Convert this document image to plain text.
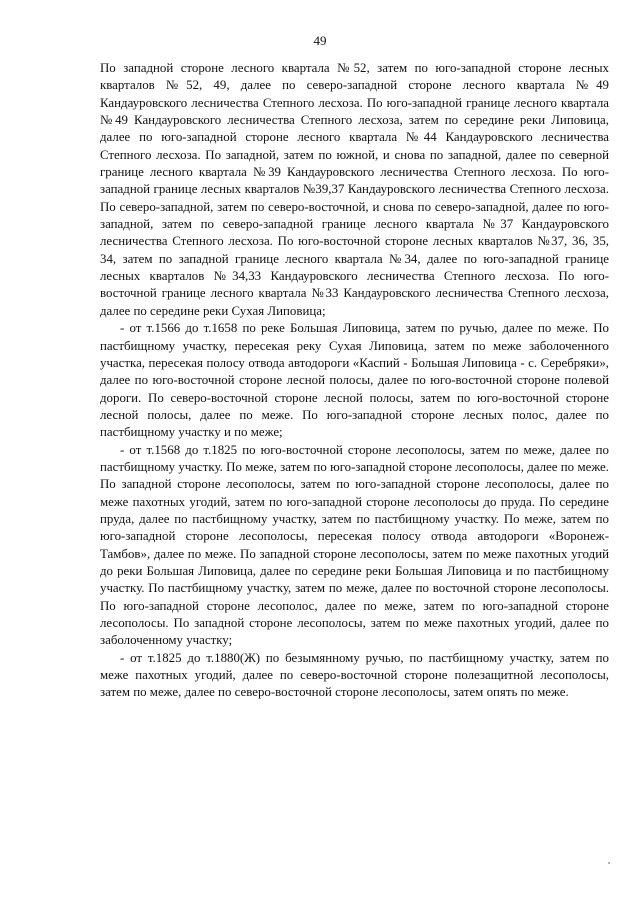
49

По западной стороне лесного квартала №52, затем по юго-западной стороне лесных кварталов №52, 49, далее по северо-западной стороне лесного квартала №49 Кандауровского лесничества Степного лесхоза. По юго-западной границе лесного квартала №49 Кандауровского лесничества Степного лесхоза, затем по середине реки Липовица, далее по юго-западной стороне лесного квартала №44 Кандауровского лесничества Степного лесхоза. По западной, затем по южной, и снова по западной, далее по северной границе лесного квартала №39 Кандауровского лесничества Степного лесхоза. По юго-западной границе лесных кварталов №39,37 Кандауровского лесничества Степного лесхоза. По северо-западной, затем по северо-восточной, и снова по северо-западной, далее по юго-западной, затем по северо-западной границе лесного квартала №37 Кандауровского лесничества Степного лесхоза. По юго-восточной стороне лесных кварталов №37, 36, 35, 34, затем по западной границе лесного квартала №34, далее по юго-западной границе лесных кварталов №34,33 Кандауровского лесничества Степного лесхоза. По юго-восточной границе лесного квартала №33 Кандауровского лесничества Степного лесхоза, далее по середине реки Сухая Липовица;

- от т.1566 до т.1658 по реке Большая Липовица, затем по ручью, далее по меже. По пастбищному участку, пересекая реку Сухая Липовица, затем по меже заболоченного участка, пересекая полосу отвода автодороги «Каспий - Большая Липовица - с. Серебряки», далее по юго-восточной стороне лесной полосы, далее по юго-восточной стороне полевой дороги. По северо-восточной стороне лесной полосы, затем по юго-восточной стороне лесной полосы, далее по меже. По юго-западной стороне лесных полос, далее по пастбищному участку и по меже;

- от т.1568 до т.1825 по юго-восточной стороне лесополосы, затем по меже, далее по пастбищному участку. По меже, затем по юго-западной стороне лесополосы, далее по меже. По западной стороне лесополосы, затем по юго-западной стороне лесополосы, далее по меже пахотных угодий, затем по юго-западной стороне лесополосы до пруда. По середине пруда, далее по пастбищному участку, затем по пастбищному участку. По меже, затем по юго-западной стороне лесополосы, пересекая полосу отвода автодороги «Воронеж-Тамбов», далее по меже. По западной стороне лесополосы, затем по меже пахотных угодий до реки Большая Липовица, далее по середине реки Большая Липовица и по пастбищному участку. По пастбищному участку, затем по меже, далее по восточной стороне лесополосы. По юго-западной стороне лесополос, далее по меже, затем по юго-западной стороне лесополосы. По западной стороне лесополосы, затем по меже пахотных угодий, далее по заболоченному участку;

- от т.1825 до т.1880(Ж) по безымянному ручью, по пастбищному участку, затем по меже пахотных угодий, далее по северо-восточной стороне полезащитной лесополосы, затем по меже, далее по северо-восточной стороне лесополосы, затем опять по меже.
